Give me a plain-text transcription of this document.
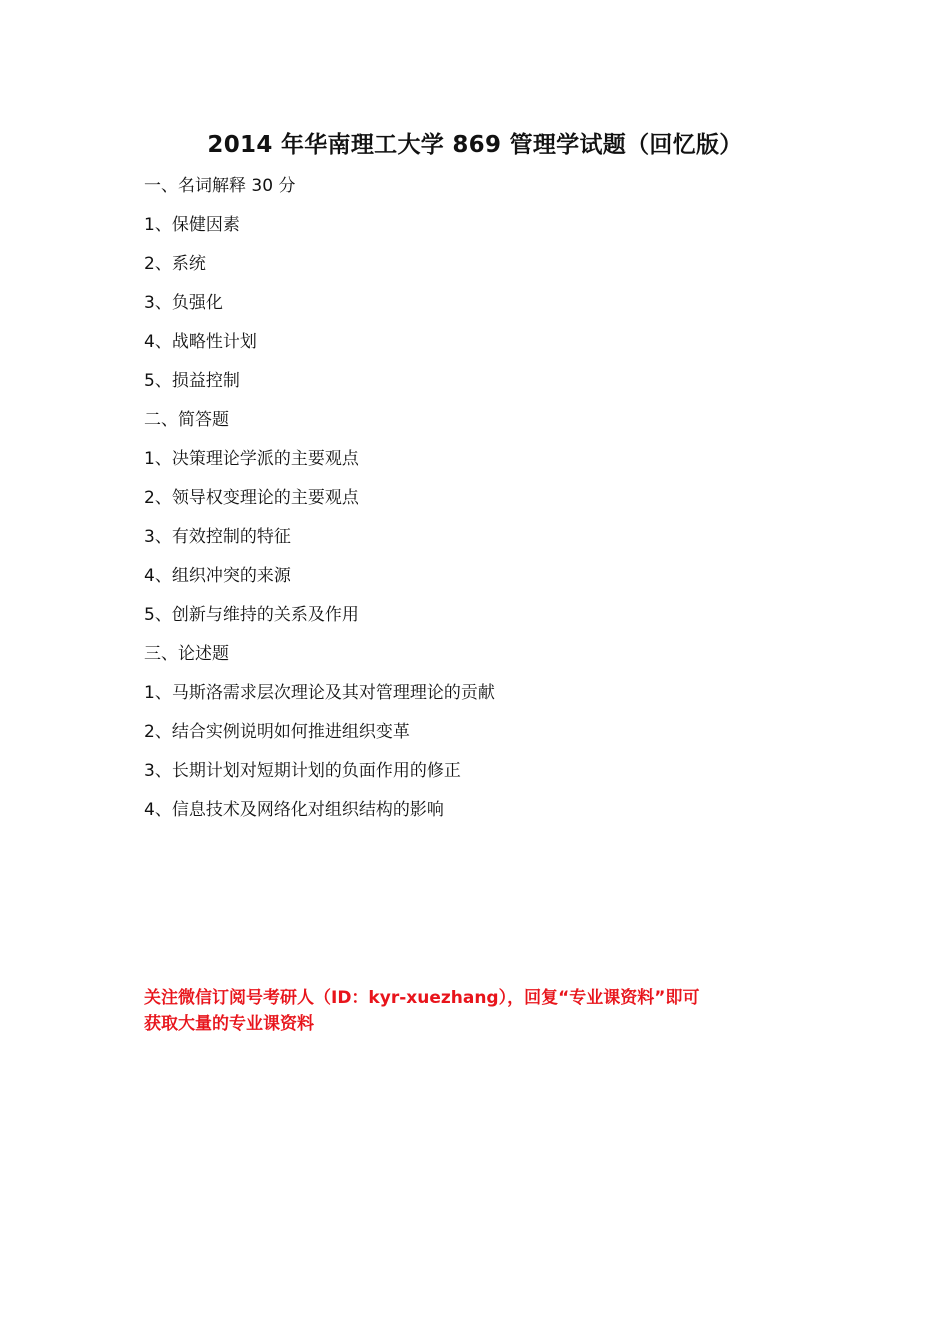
2014 年华南理工大学 869 管理学试题（回忆版）
一、名词解释 30 分
1、保健因素
2、系统
3、负强化
4、战略性计划
5、损益控制
二、简答题
1、决策理论学派的主要观点
2、领导权变理论的主要观点
3、有效控制的特征
4、组织冲突的来源
5、创新与维持的关系及作用
三、论述题
1、马斯洛需求层次理论及其对管理理论的贡献
2、结合实例说明如何推进组织变革
3、长期计划对短期计划的负面作用的修正
4、信息技术及网络化对组织结构的影响

关注微信订阅号考研人（ID：kyr-xuezhang），回复“专业课资料”即可
获取大量的专业课资料
